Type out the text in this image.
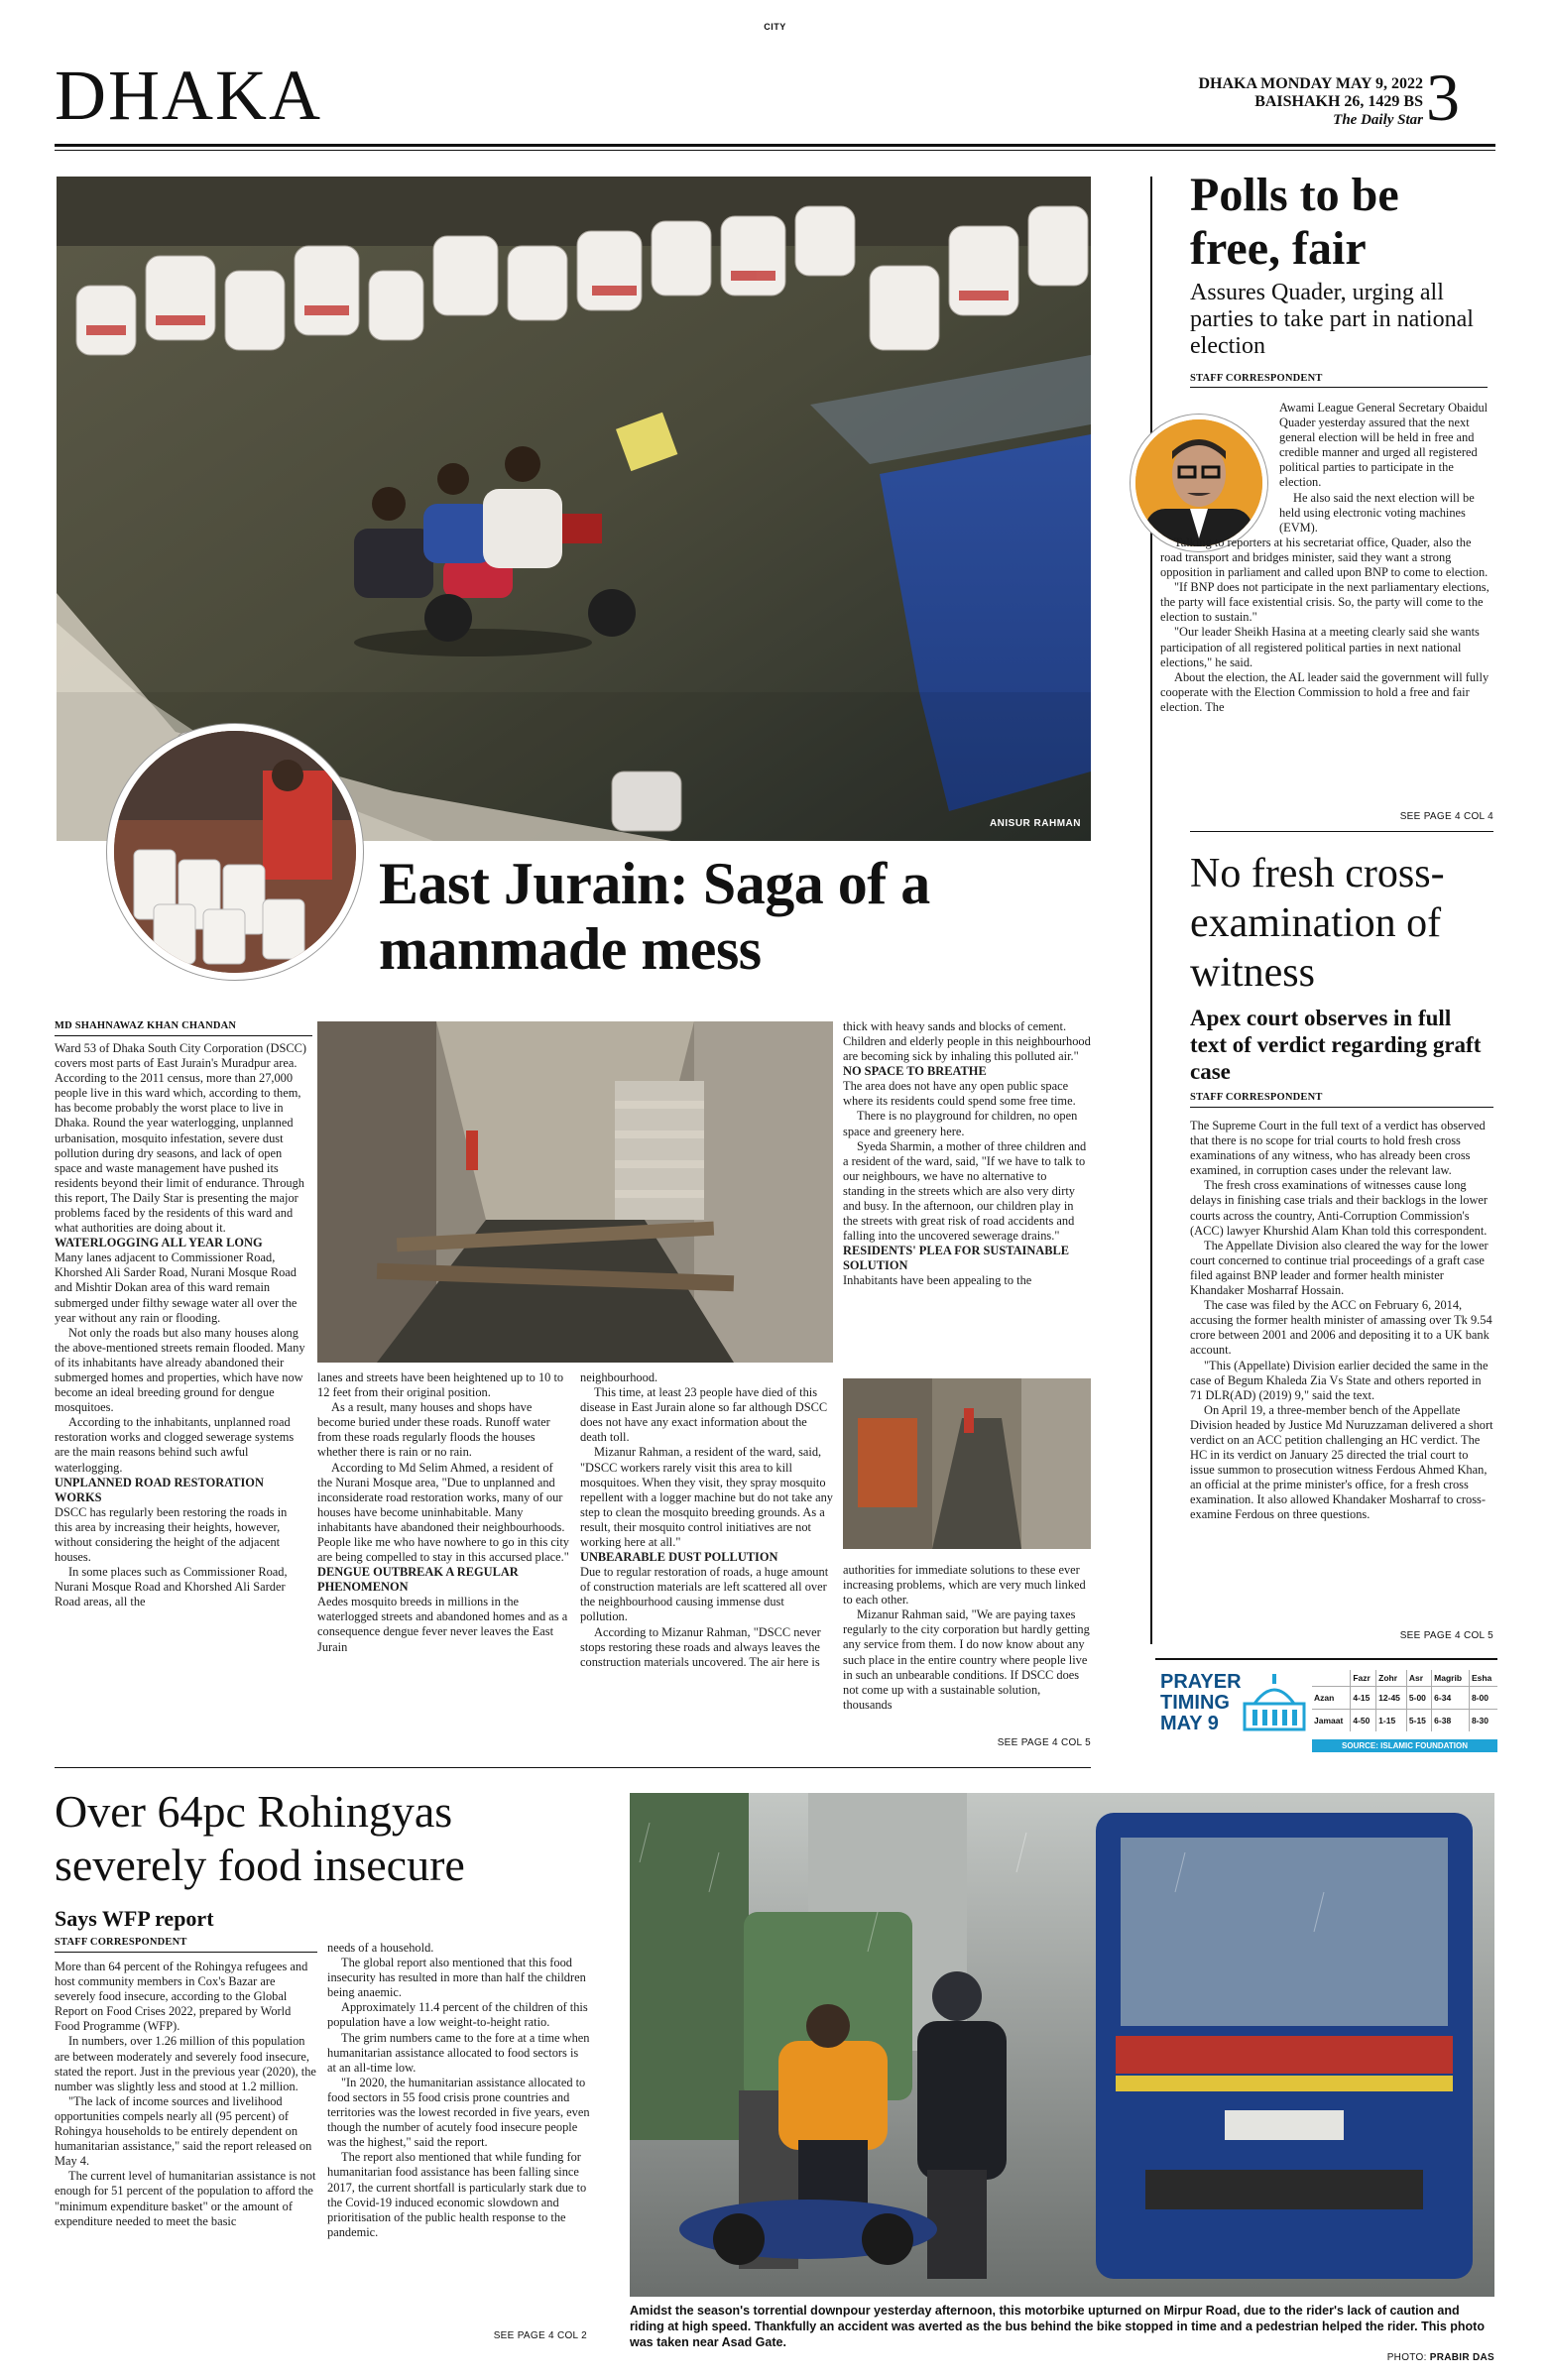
CITY
DHAKA	DHAKA MONDAY MAY 9, 2022
BAISHAKH 26, 1429 BS
The Daily Star 3
ANISUR RAHMAN
East Jurain: Saga of a manmade mess
MD SHAHNAWAZ KHAN CHANDAN

Ward 53 of Dhaka South City Corporation (DSCC) covers most parts of East Jurain's Muradpur area. According to the 2011 census, more than 27,000 people live in this ward which, according to them, has become probably the worst place to live in Dhaka. Round the year waterlogging, unplanned urbanisation, mosquito infestation, severe dust pollution during dry seasons, and lack of open space and waste management have pushed its residents beyond their limit of endurance. Through this report, The Daily Star is presenting the major problems faced by the residents of this ward and what authorities are doing about it.

WATERLOGGING ALL YEAR LONG

Many lanes adjacent to Commissioner Road, Khorshed Ali Sarder Road, Nurani Mosque Road and Mishtir Dokan area of this ward remain submerged under filthy sewage water all over the year without any rain or flooding.

Not only the roads but also many houses along the above-mentioned streets remain flooded. Many of its inhabitants have already abandoned their submerged homes and properties, which have now become an ideal breeding ground for dengue mosquitoes.

According to the inhabitants, unplanned road restoration works and clogged sewerage systems are the main reasons behind such awful waterlogging.

UNPLANNED ROAD RESTORATION WORKS

DSCC has regularly been restoring the roads in this area by increasing their heights, however, without considering the height of the adjacent houses.

In some places such as Commissioner Road, Nurani Mosque Road and Khorshed Ali Sarder Road areas, all the

lanes and streets have been heightened up to 10 to 12 feet from their original position.

As a result, many houses and shops have become buried under these roads. Runoff water from these roads regularly floods the houses whether there is rain or no rain.

According to Md Selim Ahmed, a resident of the Nurani Mosque area, "Due to unplanned and inconsiderate road restoration works, many of our houses have become uninhabitable. Many inhabitants have abandoned their neighbourhoods. People like me who have nowhere to go in this city are being compelled to stay in this accursed place."

DENGUE OUTBREAK A REGULAR PHENOMENON

Aedes mosquito breeds in millions in the waterlogged streets and abandoned homes and as a consequence dengue fever never leaves the East Jurain

neighbourhood.

This time, at least 23 people have died of this disease in East Jurain alone so far although DSCC does not have any exact information about the death toll.

Mizanur Rahman, a resident of the ward, said, "DSCC workers rarely visit this area to kill mosquitoes. When they visit, they spray mosquito repellent with a logger machine but do not take any step to clean the mosquito breeding grounds. As a result, their mosquito control initiatives are not working here at all."

UNBEARABLE DUST POLLUTION

Due to regular restoration of roads, a huge amount of construction materials are left scattered all over the neighbourhood causing immense dust pollution.

According to Mizanur Rahman, "DSCC never stops restoring these roads and always leaves the construction materials uncovered. The air here is

thick with heavy sands and blocks of cement. Children and elderly people in this neighbourhood are becoming sick by inhaling this polluted air."

NO SPACE TO BREATHE

The area does not have any open public space where its residents could spend some free time.

There is no playground for children, no open space and greenery here.

Syeda Sharmin, a mother of three children and a resident of the ward, said, "If we have to talk to our neighbours, we have no alternative to standing in the streets which are also very dirty and busy. In the afternoon, our children play in the streets with great risk of road accidents and falling into the uncovered sewerage drains."

RESIDENTS' PLEA FOR SUSTAINABLE SOLUTION

Inhabitants have been appealing to the

authorities for immediate solutions to these ever increasing problems, which are very much linked to each other.

Mizanur Rahman said, "We are paying taxes regularly to the city corporation but hardly getting any service from them. I do now know about any such place in the entire country where people live in such an unbearable conditions. If DSCC does not come up with a sustainable solution, thousands

SEE PAGE 4 COL 5
Polls to be free, fair
Assures Quader, urging all parties to take part in national election
STAFF CORRESPONDENT

Awami League General Secretary Obaidul Quader yesterday assured that the next general election will be held in free and credible manner and urged all registered political parties to participate in the election.

He also said the next election will be held using electronic voting machines (EVM).

Talking to reporters at his secretariat office, Quader, also the road transport and bridges minister, said they want a strong opposition in parliament and called upon BNP to come to election.

"If BNP does not participate in the next parliamentary elections, the party will face existential crisis. So, the party will come to the election to sustain."

"Our leader Sheikh Hasina at a meeting clearly said she wants participation of all registered political parties in next national elections," he said.

About the election, the AL leader said the government will fully cooperate with the Election Commission to hold a free and fair election. The

SEE PAGE 4 COL 4
No fresh cross-examination of witness
Apex court observes in full text of verdict regarding graft case
STAFF CORRESPONDENT

The Supreme Court in the full text of a verdict has observed that there is no scope for trial courts to hold fresh cross examinations of any witness, who has already been cross examined, in corruption cases under the relevant law.

The fresh cross examinations of witnesses cause long delays in finishing case trials and their backlogs in the lower courts across the country, Anti-Corruption Commission's (ACC) lawyer Khurshid Alam Khan told this correspondent.

The Appellate Division also cleared the way for the lower court concerned to continue trial proceedings of a graft case filed against BNP leader and former health minister Khandaker Mosharraf Hossain.

The case was filed by the ACC on February 6, 2014, accusing the former health minister of amassing over Tk 9.54 crore between 2001 and 2006 and depositing it to a UK bank account.

"This (Appellate) Division earlier decided the same in the case of Begum Khaleda Zia Vs State and others reported in 71 DLR(AD) (2019) 9," said the text.

On April 19, a three-member bench of the Appellate Division headed by Justice Md Nuruzzaman delivered a short verdict on an ACC petition challenging an HC verdict. The HC in its verdict on January 25 directed the trial court to issue summon to prosecution witness Ferdous Ahmed Khan, an official at the prime minister's office, for a fresh cross examination. It also allowed Khandaker Mosharraf to cross-examine Ferdous on three questions.

SEE PAGE 4 COL 5
PRAYER
TIMING
MAY 9
	Fazr	Zohr	Asr	Magrib	Esha
Azan	4-15	12-45	5-00	6-34	8-00
Jamaat	4-50	1-15	5-15	6-38	8-30
SOURCE: ISLAMIC FOUNDATION
Over 64pc Rohingyas severely food insecure
Says WFP report
STAFF CORRESPONDENT

More than 64 percent of the Rohingya refugees and host community members in Cox's Bazar are severely food insecure, according to the Global Report on Food Crises 2022, prepared by World Food Programme (WFP).

In numbers, over 1.26 million of this population are between moderately and severely food insecure, stated the report. Just in the previous year (2020), the number was slightly less and stood at 1.2 million.

"The lack of income sources and livelihood opportunities compels nearly all (95 percent) of Rohingya households to be entirely dependent on humanitarian assistance," said the report released on May 4.

The current level of humanitarian assistance is not enough for 51 percent of the population to afford the "minimum expenditure basket" or the amount of expenditure needed to meet the basic

needs of a household.

The global report also mentioned that this food insecurity has resulted in more than half the children being anaemic.

Approximately 11.4 percent of the children of this population have a low weight-to-height ratio.

The grim numbers came to the fore at a time when humanitarian assistance allocated to food sectors is at an all-time low.

"In 2020, the humanitarian assistance allocated to food sectors in 55 food crisis prone countries and territories was the lowest recorded in five years, even though the number of acutely food insecure people was the highest," said the report.

The report also mentioned that while funding for humanitarian food assistance has been falling since 2017, the current shortfall is particularly stark due to the Covid-19 induced economic slowdown and prioritisation of the public health response to the pandemic.

SEE PAGE 4 COL 2
Amidst the season's torrential downpour yesterday afternoon, this motorbike upturned on Mirpur Road, due to the rider's lack of caution and riding at high speed. Thankfully an accident was averted as the bus behind the bike stopped in time and a pedestrian helped the rider. This photo was taken near Asad Gate.
PHOTO: PRABIR DAS
